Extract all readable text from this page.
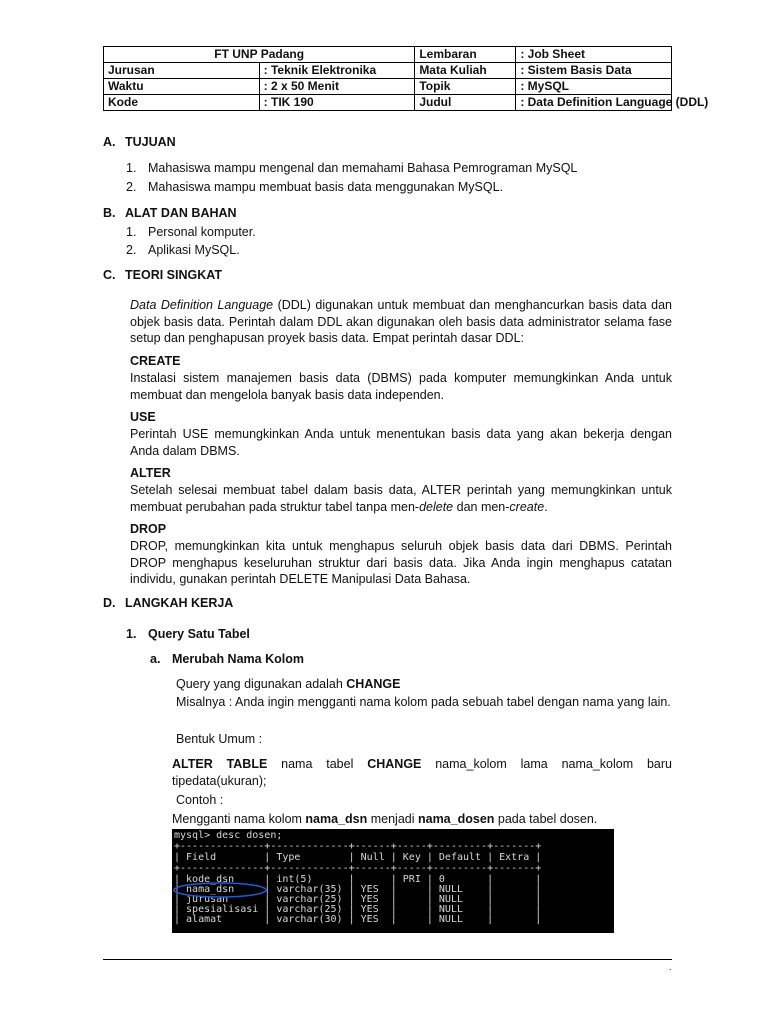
FT UNP Padang		Lembaran	: Job Sheet
Jurusan	: Teknik Elektronika	Mata Kuliah	: Sistem Basis Data
Waktu	: 2 x 50 Menit	Topik	: MySQL
Kode	: TIK 190	Judul	: Data Definition Language (DDL)
A. TUJUAN
1. Mahasiswa mampu mengenal dan memahami Bahasa Pemrograman MySQL
2. Mahasiswa mampu membuat basis data menggunakan MySQL.
B. ALAT DAN BAHAN
1. Personal komputer.
2. Aplikasi MySQL.
C. TEORI SINGKAT
Data Definition Language (DDL) digunakan untuk membuat dan menghancurkan basis data dan objek basis data. Perintah dalam DDL akan digunakan oleh basis data administrator selama fase setup dan penghapusan proyek basis data. Empat perintah dasar DDL:
CREATE
Instalasi sistem manajemen basis data (DBMS) pada komputer memungkinkan Anda untuk membuat dan mengelola banyak basis data independen.
USE
Perintah USE memungkinkan Anda untuk menentukan basis data yang akan bekerja dengan Anda dalam DBMS.
ALTER
Setelah selesai membuat tabel dalam basis data, ALTER perintah yang memungkinkan untuk membuat perubahan pada struktur tabel tanpa men-delete dan men-create.
DROP
DROP, memungkinkan kita untuk menghapus seluruh objek basis data dari DBMS. Perintah DROP menghapus keseluruhan struktur dari basis data. Jika Anda ingin menghapus catatan individu, gunakan perintah DELETE Manipulasi Data Bahasa.
D. LANGKAH KERJA
1. Query Satu Tabel
a. Merubah Nama Kolom
Query yang digunakan adalah CHANGE
Misalnya : Anda ingin mengganti nama kolom pada sebuah tabel dengan nama yang lain.
Bentuk Umum :
ALTER TABLE nama tabel CHANGE nama_kolom lama nama_kolom baru tipedata(ukuran);
Contoh :
Mengganti nama kolom nama_dsn menjadi nama_dosen pada tabel dosen.
mysql> desc dosen;
+--------------+-------------+------+-----+---------+-------+
| Field        | Type        | Null | Key | Default | Extra |
+--------------+-------------+------+-----+---------+-------+
| kode_dsn     | int(5)      |      | PRI | 0       |       |
| nama_dsn     | varchar(35) | YES  |     | NULL    |       |
| jurusan      | varchar(25) | YES  |     | NULL    |       |
| spesialisasi | varchar(25) | YES  |     | NULL    |       |
| alamat       | varchar(30) | YES  |     | NULL    |       |
.
